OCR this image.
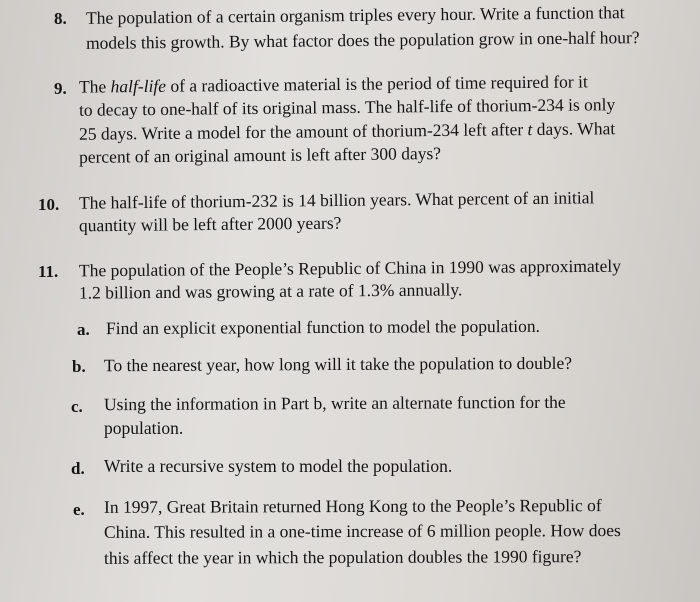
8. The population of a certain organism triples every hour. Write a function that
models this growth. By what factor does the population grow in one-half hour?
9. The half-life of a radioactive material is the period of time required for it
to decay to one-half of its original mass. The half-life of thorium-234 is only
25 days. Write a model for the amount of thorium-234 left after t days. What
percent of an original amount is left after 300 days?
10. The half-life of thorium-232 is 14 billion years. What percent of an initial
quantity will be left after 2000 years?
11. The population of the People’s Republic of China in 1990 was approximately
1.2 billion and was growing at a rate of 1.3% annually.
a. Find an explicit exponential function to model the population.
b. To the nearest year, how long will it take the population to double?
c. Using the information in Part b, write an alternate function for the
population.
d. Write a recursive system to model the population.
e. In 1997, Great Britain returned Hong Kong to the People’s Republic of
China. This resulted in a one-time increase of 6 million people. How does
this affect the year in which the population doubles the 1990 figure?
